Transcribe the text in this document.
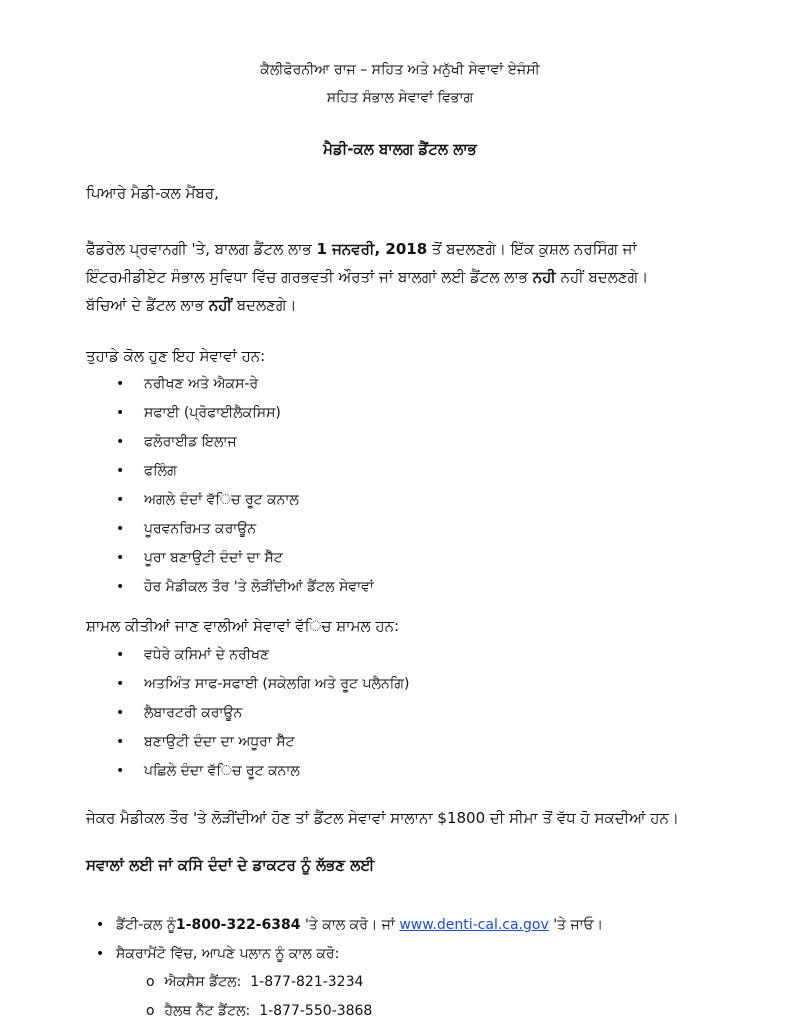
ਕੈਲੀਫੋਰਨੀਆ ਰਾਜ – ਸਹਿਤ ਅਤੇ ਮਨੁੱਖੀ ਸੇਵਾਵਾਂ ਏਜੰਸੀ
ਸਹਿਤ ਸੰਭਾਲ ਸੇਵਾਵਾਂ ਵਿਭਾਗ
ਮੈਡੀ-ਕਲ ਬਾਲਗ ਡੈਂਟਲ ਲਾਭ
ਪਿਆਰੇ ਮੈਡੀ-ਕਲ ਮੈਂਬਰ,
ਫੈੱਡਰੇਲ ਪ੍ਰਵਾਨਗੀ 'ਤੇ, ਬਾਲਗ ਡੈਂਟਲ ਲਾਭ 1 ਜਨਵਰੀ, 2018 ਤੋਂ ਬਦਲਣਗੇ। ਇੱਕ ਕੁਸ਼ਲ ਨਰਸਿੰਗ ਜਾਂ
ਇੰਟਰਮੀਡੀਏਟ ਸੰਭਾਲ ਸੁਵਿਧਾ ਵਿੱਚ ਗਰਭਵਤੀ ਔਰਤਾਂ ਜਾਂ ਬਾਲਗਾਂ ਲਈ ਡੈਂਟਲ ਲਾਭ ਨਹੀ ਨਹੀਂ ਬਦਲਣਗੇ।
ਬੱਚਿਆਂ ਦੇ ਡੈਂਟਲ ਲਾਭ ਨਹੀਂ ਬਦਲਣਗੇ।
ਤੁਹਾਡੇ ਕੋਲ ਹੁਣ ਇਹ ਸੇਵਾਵਾਂ ਹਨ:
• ਨਰੀਖਣ ਅਤੇ ਐਕਸ-ਰੇ
• ਸਫਾਈ (ਪ੍ਰੋਫਾਈਲੈਕਸਿਸ)
• ਫਲੋਰਾਈਡ ਇਲਾਜ
• ਫਲਿੰਗ
• ਅਗਲੇ ਦੰਦਾਂ ਵੱਿਚ ਰੂਟ ਕਨਾਲ
• ਪੂਰਵਨਰਿਮਤ ਕਰਾਊਨ
• ਪੂਰਾ ਬਣਾਉਟੀ ਦੰਦਾਂ ਦਾ ਸੈੱਟ
• ਹੋਰ ਮੈਡੀਕਲ ਤੌਰ 'ਤੇ ਲੋੜੀਂਦੀਆਂ ਡੈਂਟਲ ਸੇਵਾਵਾਂ
ਸ਼ਾਮਲ ਕੀਤੀਆਂ ਜਾਣ ਵਾਲੀਆਂ ਸੇਵਾਵਾਂ ਵੱਿਚ ਸ਼ਾਮਲ ਹਨ:
• ਵਧੇਰੇ ਕਸਿਮਾਂ ਦੇ ਨਰੀਖਣ
• ਅਤਅਿੰਤ ਸਾਫ-ਸਫਾਈ (ਸਕੇਲਗਿ ਅਤੇ ਰੂਟ ਪਲੈਨਗਿ)
• ਲੈਬਾਰਟਰੀ ਕਰਾਊਨ
• ਬਣਾਉਟੀ ਦੰਦਾ ਦਾ ਅਧੂਰਾ ਸੈੱਟ
• ਪਛਿਲੇ ਦੰਦਾ ਵੱਿਚ ਰੂਟ ਕਨਾਲ
ਜੇਕਰ ਮੈਡੀਕਲ ਤੌਰ 'ਤੇ ਲੋੜੀਂਦੀਆਂ ਹੋਣ ਤਾਂ ਡੈਂਟਲ ਸੇਵਾਵਾਂ ਸਾਲਾਨਾ $1800 ਦੀ ਸੀਮਾ ਤੋਂ ਵੱਧ ਹੋ ਸਕਦੀਆਂ ਹਨ।
ਸਵਾਲਾਂ ਲਈ ਜਾਂ ਕਸਿੇ ਦੰਦਾਂ ਦੇ ਡਾਕਟਰ ਨੂੰ ਲੱਭਣ ਲਈ
• ਡੈਂਟੀ-ਕਲ ਨੂੰ1-800-322-6384 'ਤੇ ਕਾਲ ਕਰੋ। ਜਾਂ www.denti-cal.ca.gov 'ਤੇ ਜਾਓ।
• ਸੈਕਰਾਮੈਂਟੋ ਵਿੱਚ, ਆਪਣੇ ਪਲਾਨ ਨੂੰ ਕਾਲ ਕਰੋ:
o ਐਕਸੈਸ ਡੈਂਟਲ: 1-877-821-3234
o ਹੈਲਥ ਨੈੱਟ ਡੈਂਟਲ: 1-877-550-3868
